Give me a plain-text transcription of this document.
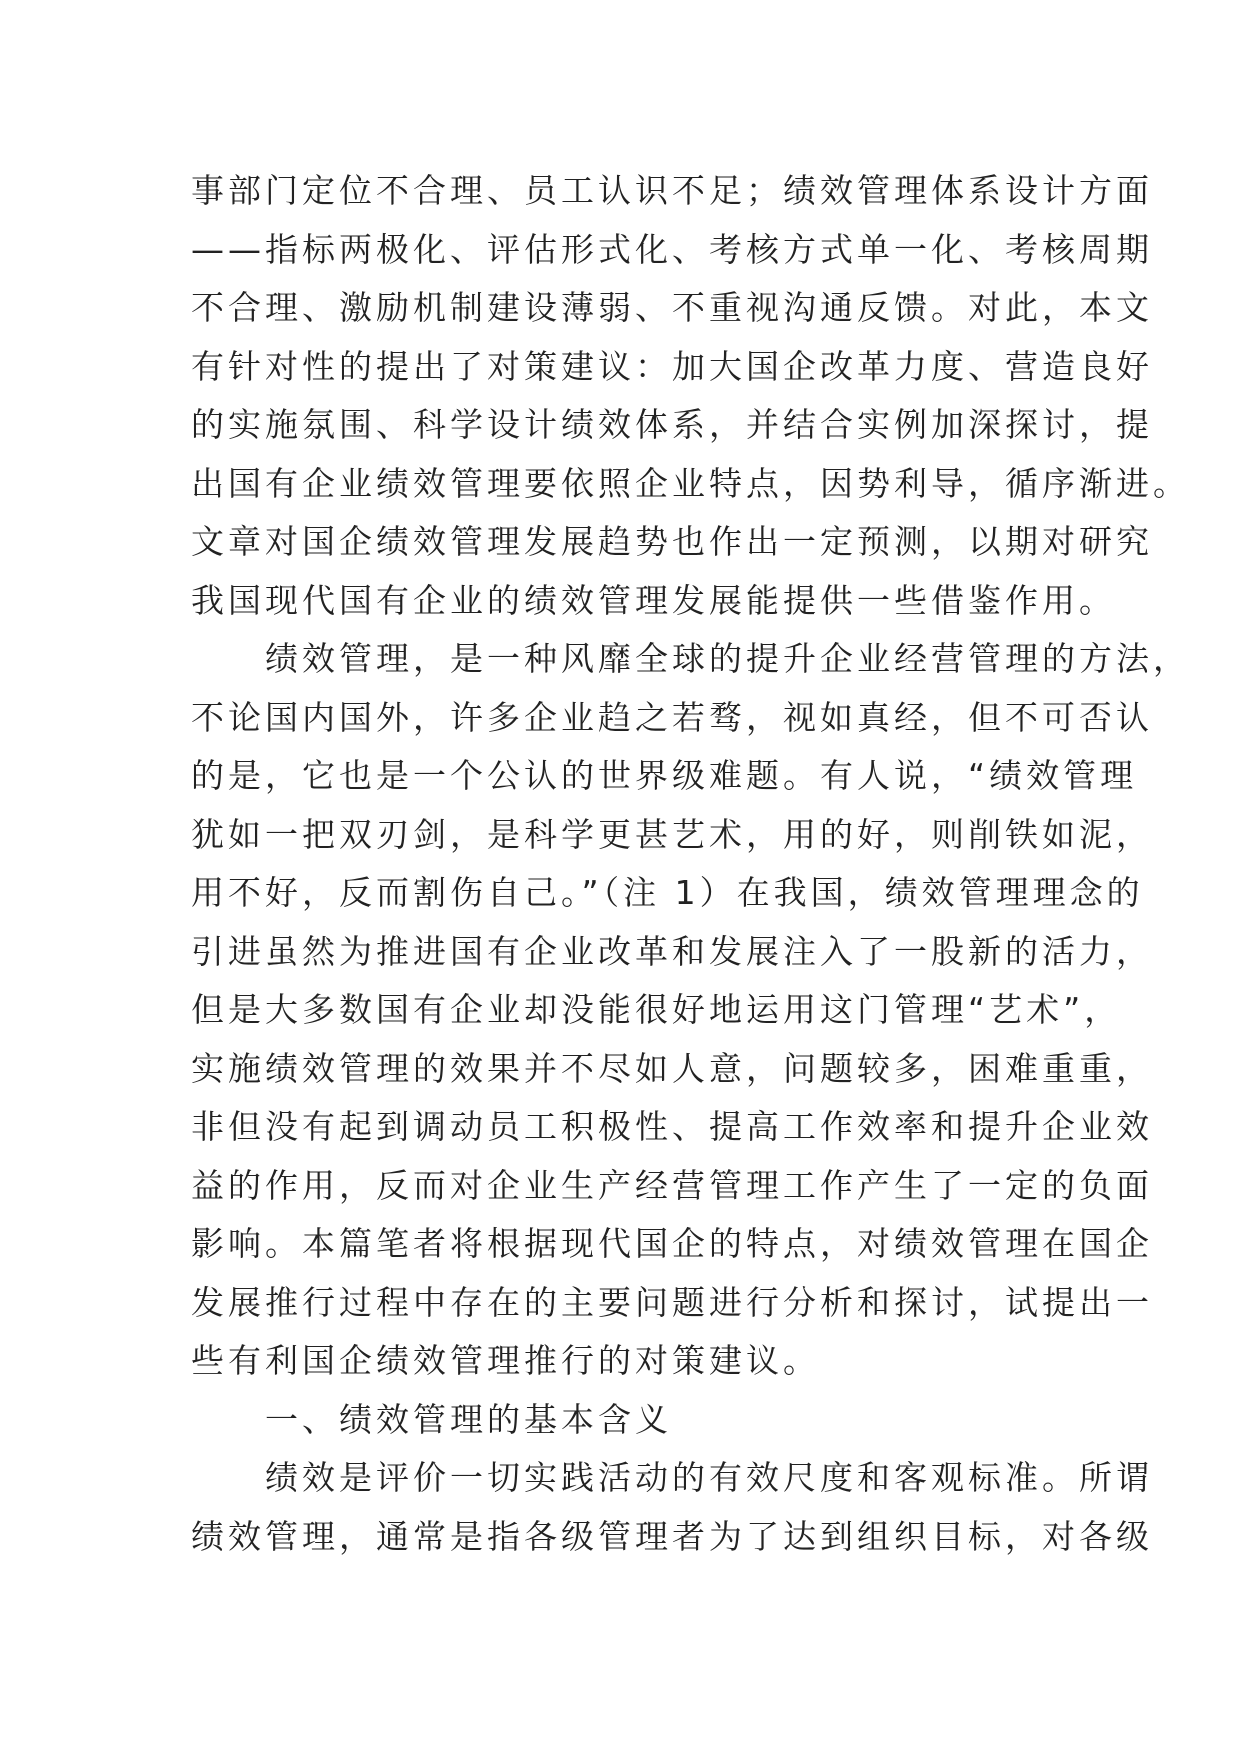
事部门定位不合理、员工认识不足；绩效管理体系设计方面
——指标两极化、评估形式化、考核方式单一化、考核周期
不合理、激励机制建设薄弱、不重视沟通反馈。对此，本文
有针对性的提出了对策建议：加大国企改革力度、营造良好
的实施氛围、科学设计绩效体系，并结合实例加深探讨，提
出国有企业绩效管理要依照企业特点，因势利导，循序渐进。
文章对国企绩效管理发展趋势也作出一定预测，以期对研究
我国现代国有企业的绩效管理发展能提供一些借鉴作用。
　　绩效管理，是一种风靡全球的提升企业经营管理的方法，
不论国内国外，许多企业趋之若骛，视如真经，但不可否认
的是，它也是一个公认的世界级难题。有人说，“绩效管理
犹如一把双刃剑，是科学更甚艺术，用的好，则削铁如泥，
用不好，反而割伤自己。”（注 1）在我国，绩效管理理念的
引进虽然为推进国有企业改革和发展注入了一股新的活力，
但是大多数国有企业却没能很好地运用这门管理“艺术”，
实施绩效管理的效果并不尽如人意，问题较多，困难重重，
非但没有起到调动员工积极性、提高工作效率和提升企业效
益的作用，反而对企业生产经营管理工作产生了一定的负面
影响。本篇笔者将根据现代国企的特点，对绩效管理在国企
发展推行过程中存在的主要问题进行分析和探讨，试提出一
些有利国企绩效管理推行的对策建议。
　　一、绩效管理的基本含义
　　绩效是评价一切实践活动的有效尺度和客观标准。所谓
绩效管理，通常是指各级管理者为了达到组织目标，对各级
